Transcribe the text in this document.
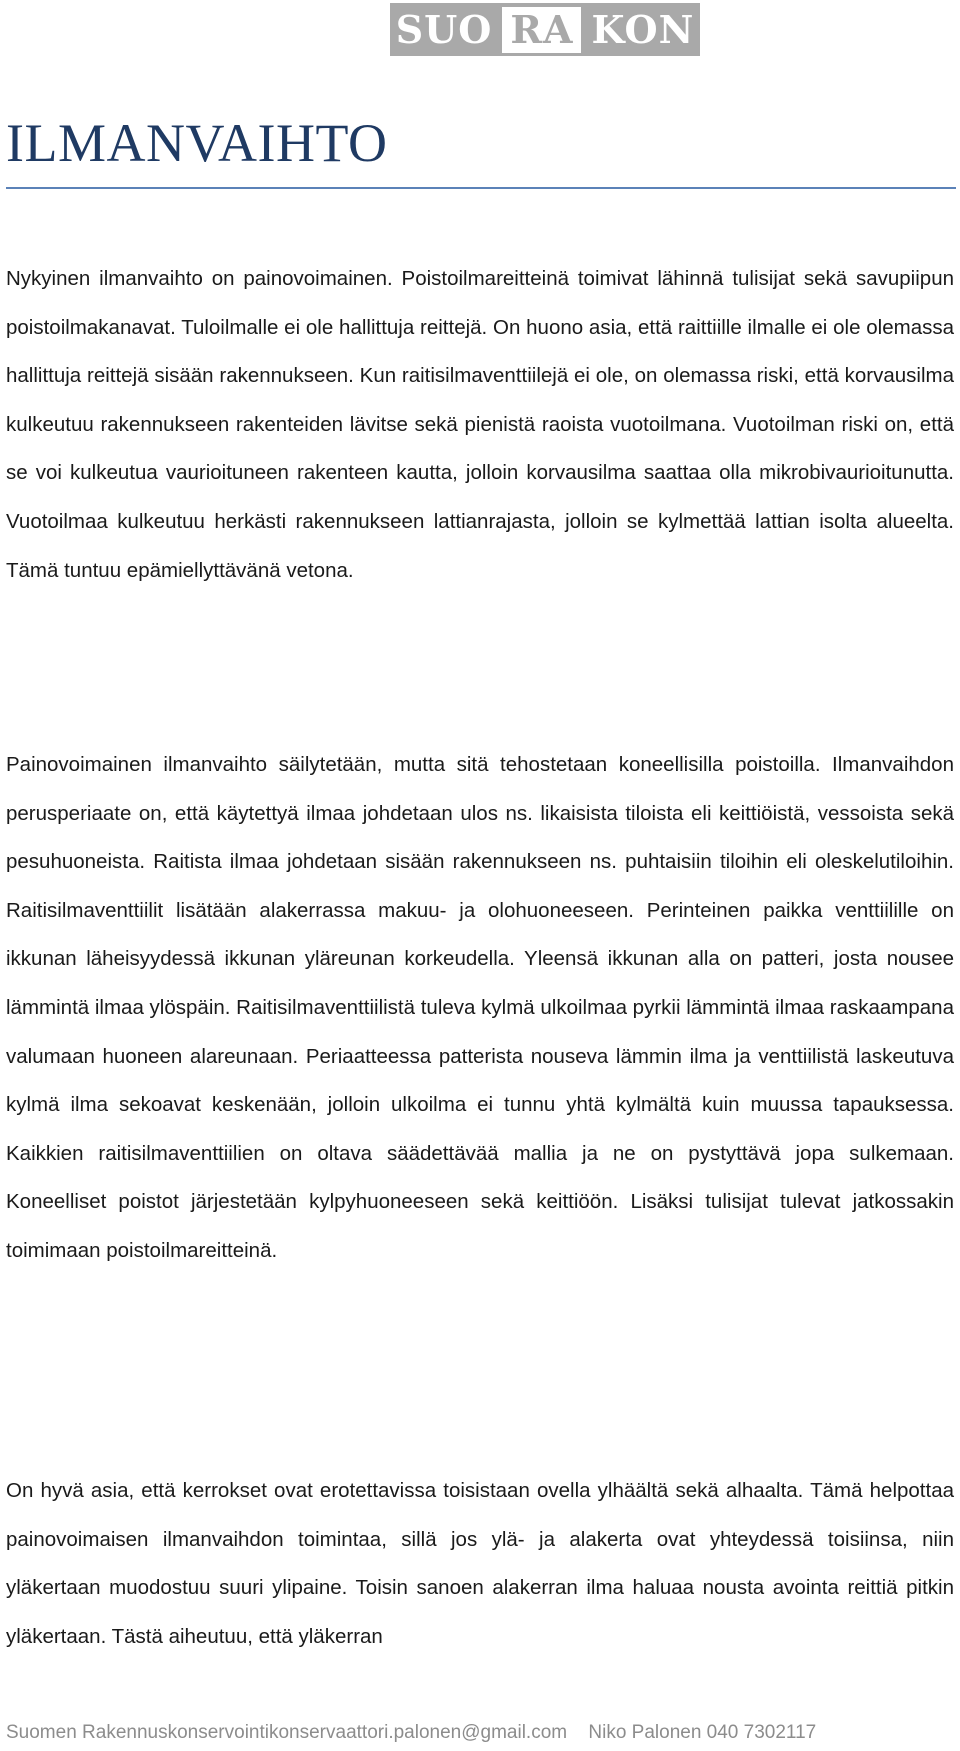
SUO RA KON
ILMANVAIHTO

Nykyinen ilmanvaihto on painovoimainen. Poistoilmareitteinä toimivat lähinnä tulisijat sekä savupiipun poistoilmakanavat. Tuloilmalle ei ole hallittuja reittejä. On huono asia, että raittiille ilmalle ei ole olemassa hallittuja reittejä sisään rakennukseen. Kun raitisilmaventtiilejä ei ole, on olemassa riski, että korvausilma kulkeutuu rakennukseen rakenteiden lävitse sekä pienistä raoista vuotoilmana. Vuotoilman riski on, että se voi kulkeutua vaurioituneen rakenteen kautta, jolloin korvausilma saattaa olla mikrobivaurioitunutta. Vuotoilmaa kulkeutuu herkästi rakennukseen lattianrajasta, jolloin se kylmettää lattian isolta alueelta. Tämä tuntuu epämiellyttävänä vetona.

Painovoimainen ilmanvaihto säilytetään, mutta sitä tehostetaan koneellisilla poistoilla. Ilmanvaihdon perusperiaate on, että käytettyä ilmaa johdetaan ulos ns. likaisista tiloista eli keittiöistä, vessoista sekä pesuhuoneista. Raitista ilmaa johdetaan sisään rakennukseen ns. puhtaisiin tiloihin eli oleskelutiloihin. Raitisilmaventtiilit lisätään alakerrassa makuu- ja olohuoneeseen. Perinteinen paikka venttiilille on ikkunan läheisyydessä ikkunan yläreunan korkeudella. Yleensä ikkunan alla on patteri, josta nousee lämmintä ilmaa ylöspäin. Raitisilmaventtiilistä tuleva kylmä ulkoilmaa pyrkii lämmintä ilmaa raskaampana valumaan huoneen alareunaan. Periaatteessa patterista nouseva lämmin ilma ja venttiilistä laskeutuva kylmä ilma sekoavat keskenään, jolloin ulkoilma ei tunnu yhtä kylmältä kuin muussa tapauksessa. Kaikkien raitisilmaventtiilien on oltava säädettävää mallia ja ne on pystyttävä jopa sulkemaan. Koneelliset poistot järjestetään kylpyhuoneeseen sekä keittiöön. Lisäksi tulisijat tulevat jatkossakin toimimaan poistoilmareitteinä.

On hyvä asia, että kerrokset ovat erotettavissa toisistaan ovella ylhäältä sekä alhaalta. Tämä helpottaa painovoimaisen ilmanvaihdon toimintaa, sillä jos ylä- ja alakerta ovat yhteydessä toisiinsa, niin yläkertaan muodostuu suuri ylipaine. Toisin sanoen alakerran ilma haluaa nousta avointa reittiä pitkin yläkertaan. Tästä aiheutuu, että yläkerran

Suomen Rakennuskonservointikonservaattori.palonen@gmail.com Niko Palonen 040 7302117
